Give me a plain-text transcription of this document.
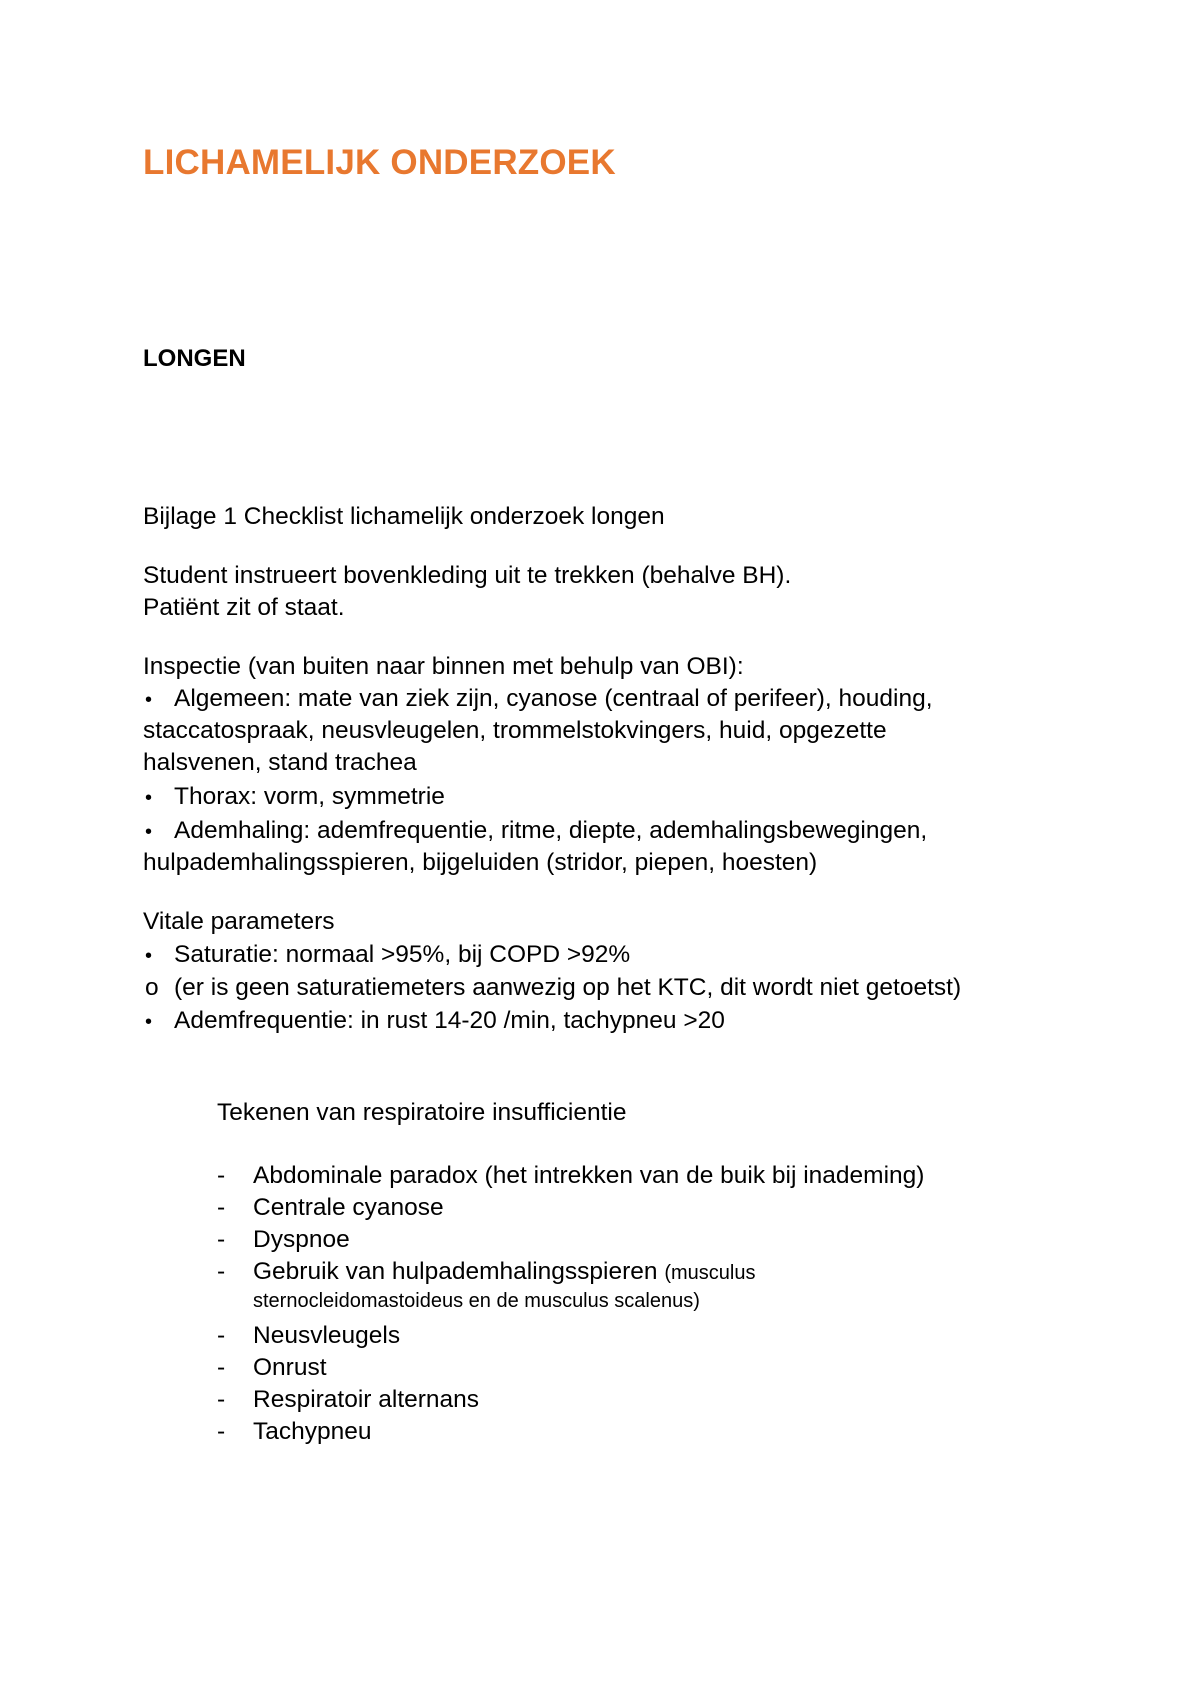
LICHAMELIJK ONDERZOEK
LONGEN
Bijlage 1 Checklist lichamelijk onderzoek longen
Student instrueert bovenkleding uit te trekken (behalve BH).
Patiënt zit of staat.
Inspectie (van buiten naar binnen met behulp van OBI):
• Algemeen: mate van ziek zijn, cyanose (centraal of perifeer), houding,
staccatospraak, neusvleugelen, trommelstokvingers, huid, opgezette
halsvenen, stand trachea
• Thorax: vorm, symmetrie
• Ademhaling: ademfrequentie, ritme, diepte, ademhalingsbewegingen,
hulpademhalingsspieren, bijgeluiden (stridor, piepen, hoesten)
Vitale parameters
• Saturatie: normaal >95%, bij COPD >92%
o (er is geen saturatiemeters aanwezig op het KTC, dit wordt niet getoetst)
• Ademfrequentie: in rust 14-20 /min, tachypneu >20
Tekenen van respiratoire insufficientie
- Abdominale paradox (het intrekken van de buik bij inademing)
- Centrale cyanose
- Dyspnoe
- Gebruik van hulpademhalingsspieren (musculus
sternocleidomastoideus en de musculus scalenus)
- Neusvleugels
- Onrust
- Respiratoir alternans
- Tachypneu
